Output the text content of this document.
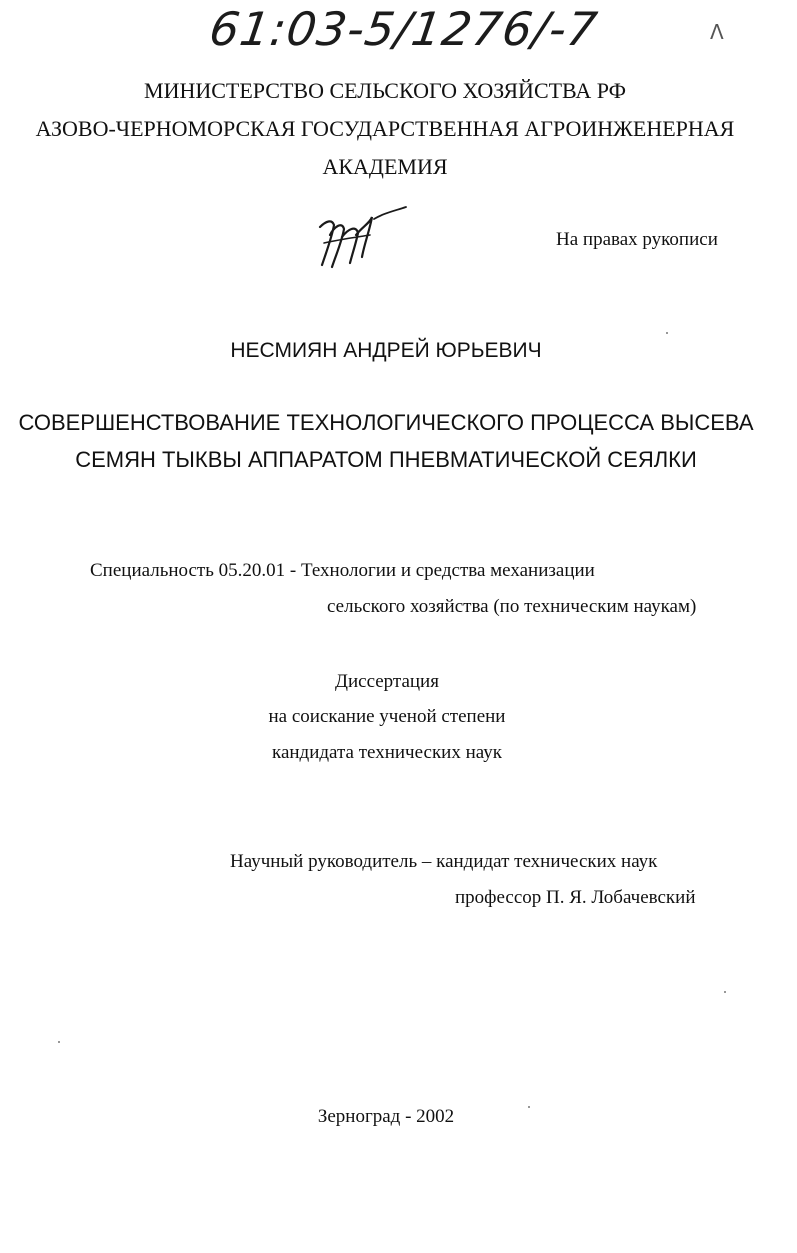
61:03-5/1276/-7	Λ
МИНИСТЕРСТВО СЕЛЬСКОГО ХОЗЯЙСТВА РФ
АЗОВО-ЧЕРНОМОРСКАЯ ГОСУДАРСТВЕННАЯ АГРОИНЖЕНЕРНАЯ
АКАДЕМИЯ
На правах рукописи
НЕСМИЯН АНДРЕЙ ЮРЬЕВИЧ
СОВЕРШЕНСТВОВАНИЕ ТЕХНОЛОГИЧЕСКОГО ПРОЦЕССА ВЫСЕВА
СЕМЯН ТЫКВЫ АППАРАТОМ ПНЕВМАТИЧЕСКОЙ СЕЯЛКИ
Специальность 05.20.01 - Технологии и средства механизации
сельского хозяйства (по техническим наукам)
Диссертация
на соискание ученой степени
кандидата технических наук
Научный руководитель – кандидат технических наук
профессор П. Я. Лобачевский
Зерноград - 2002
